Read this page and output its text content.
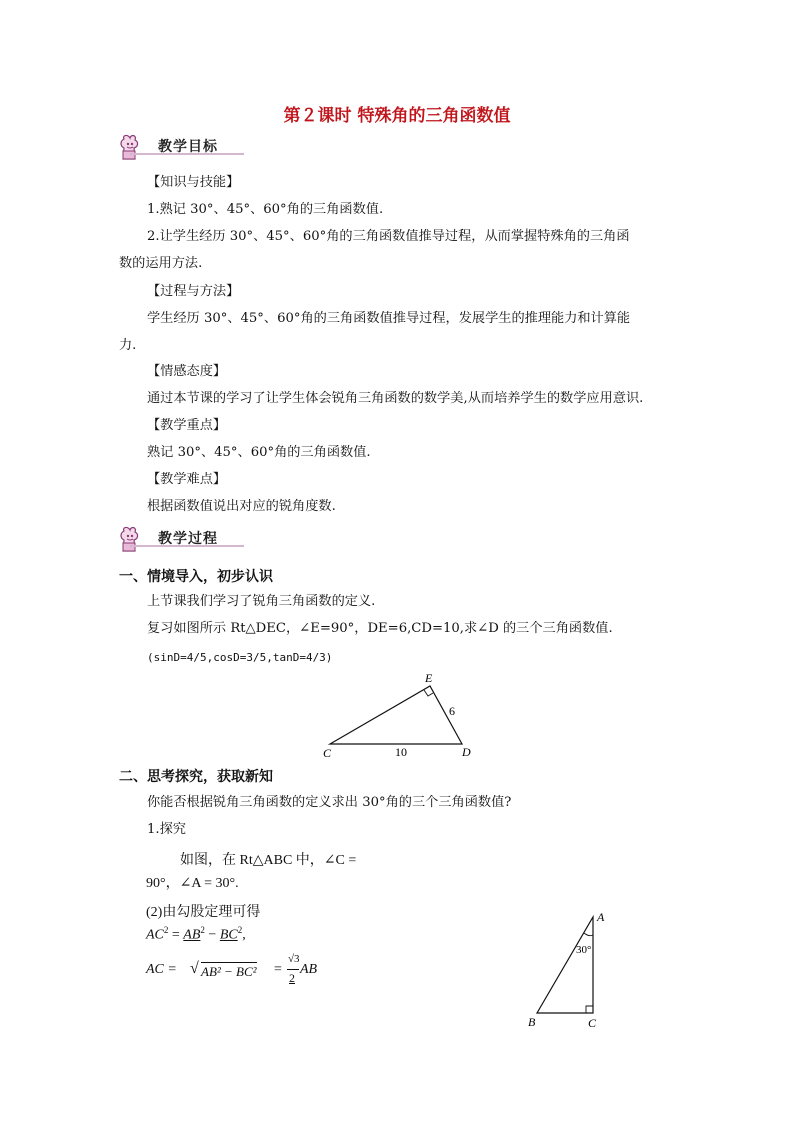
第２课时 特殊角的三角函数值
教学目标
【知识与技能】
1.熟记 30°、45°、60°角的三角函数值.
2.让学生经历 30°、45°、60°角的三角函数值推导过程，从而掌握特殊角的三角函
数的运用方法.
【过程与方法】
学生经历 30°、45°、60°角的三角函数值推导过程，发展学生的推理能力和计算能
力.
【情感态度】
通过本节课的学习了让学生体会锐角三角函数的数学美,从而培养学生的数学应用意识.
【教学重点】
熟记 30°、45°、60°角的三角函数值.
【教学难点】
根据函数值说出对应的锐角度数.
教学过程
一、情境导入，初步认识
上节课我们学习了锐角三角函数的定义.
复习如图所示 Rt△DEC，∠E=90°，DE=6,CD=10,求∠D 的三个三角函数值.
(sinD=4/5,cosD=3/5,tanD=4/3)
E
C	D
6
10
二、思考探究，获取新知
你能否根据锐角三角函数的定义求出 30°角的三个三角函数值?
1.探究
如图，在 Rt△ABC 中，∠C =
90°，∠A = 30°.
(2)由勾股定理可得
$AC^2 = AB^2 - BC^2$,
AC = √ AB² − BC² =
√3
2
AB
A
B	C
30°
